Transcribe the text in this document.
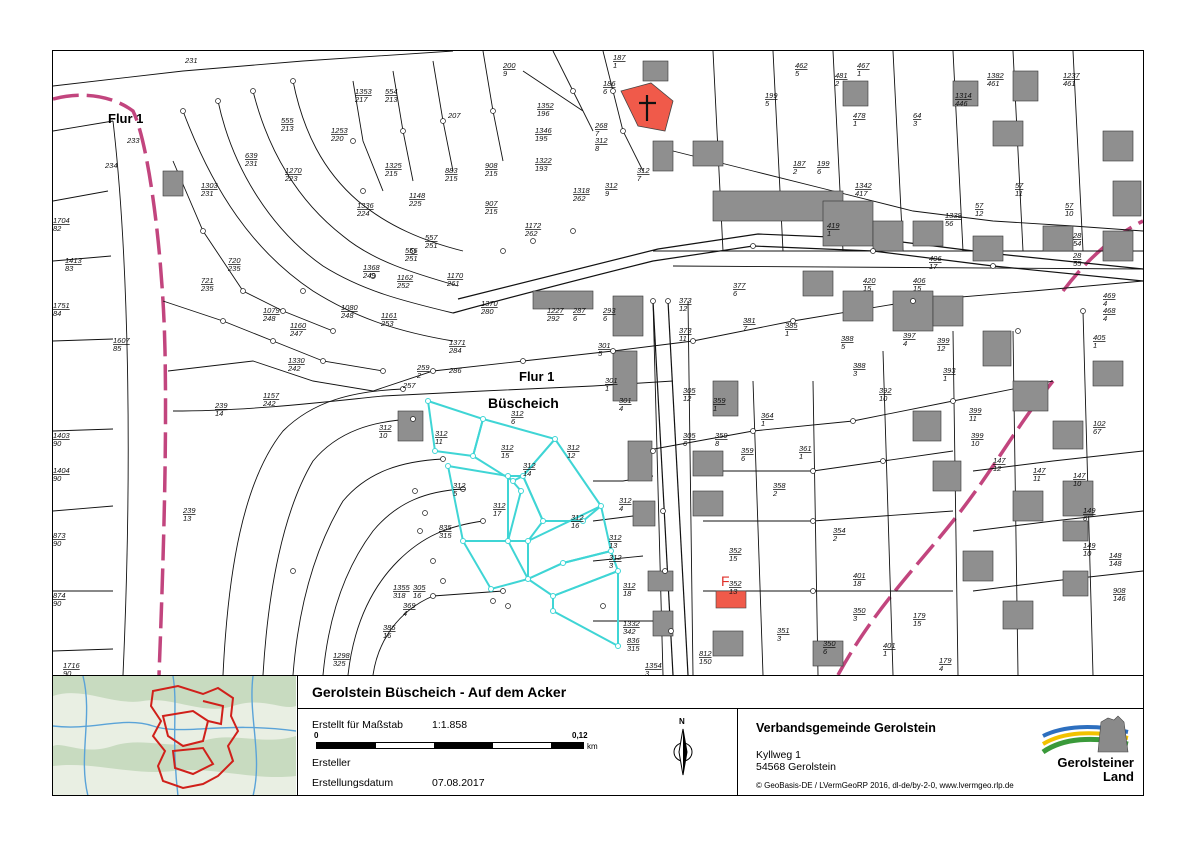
233
234
1704 82
1413 83
1751 84
1607 85
1403 90
1404 90
873 90
874 90
1716 90
231
555 213	1253 220
639 231
1303 231
720 235
721 235
1079 248
1160 247
1330 242
1157 242
239 14
239 13
1298 325
1353 217
554 213
207
1270 223
1325 215
1336 224
1148 225
883 215
908 215
907 215
1352 196
1346 195
200 9
1322 193
1318 262
1172 262
1368 249
1080 248	1161 253
556 251
557 251
1162 252
1170 261
1370 280
1371 284
286
259 2
257
1227 292
287 6
293 6
301 5
301 1
301 4
305 12
305 6
373 12
373 11
359 1
359 8
359 6
364 1
361 1
358 2
354 2
352 15
352 13
351 3
350 6
350 3
401 18
401 1
179 15
179 4
381 7
377 6
385 1
388 5
388 3
392 10
397 4	399 12
393 1
399 11
399 10
147 12	147 11	147 10
149 6
149 10	148 148
908 146
102 67
405 1
406 17
406 15
420 15
419 1
1342 417
1338 56
57 12
57 11
57 10
28 54
28 55
469 4
468 4
481 2
478 1
64 3
1382 461
1314 446
1237 461
467 1
462 5
199 5
199 6
187 2
187 1
186 6
268 7
312 8
312 9
312 7
312 10	312 11
312 6
312 15
312 14
312 12
312 5
312 17	312 16
312 4
312 13
312 3
312 18
1332 342
836 315
835 315
1354 3
1355 318
305 16
369 4
386 16
812 150
Flur 1
Flur 1
Büscheich
F
Gerolstein Büscheich - Auf dem Acker
Erstellt für Maßstab	1:1.858
0	0,12
km
Ersteller
Erstellungsdatum	07.08.2017
N	Verbandsgemeinde Gerolstein
Kyllweg 1
54568 Gerolstein
© GeoBasis-DE / LVermGeoRP 2016, dl-de/by-2-0, www.lvermgeo.rlp.de
Gerolsteiner
Land
